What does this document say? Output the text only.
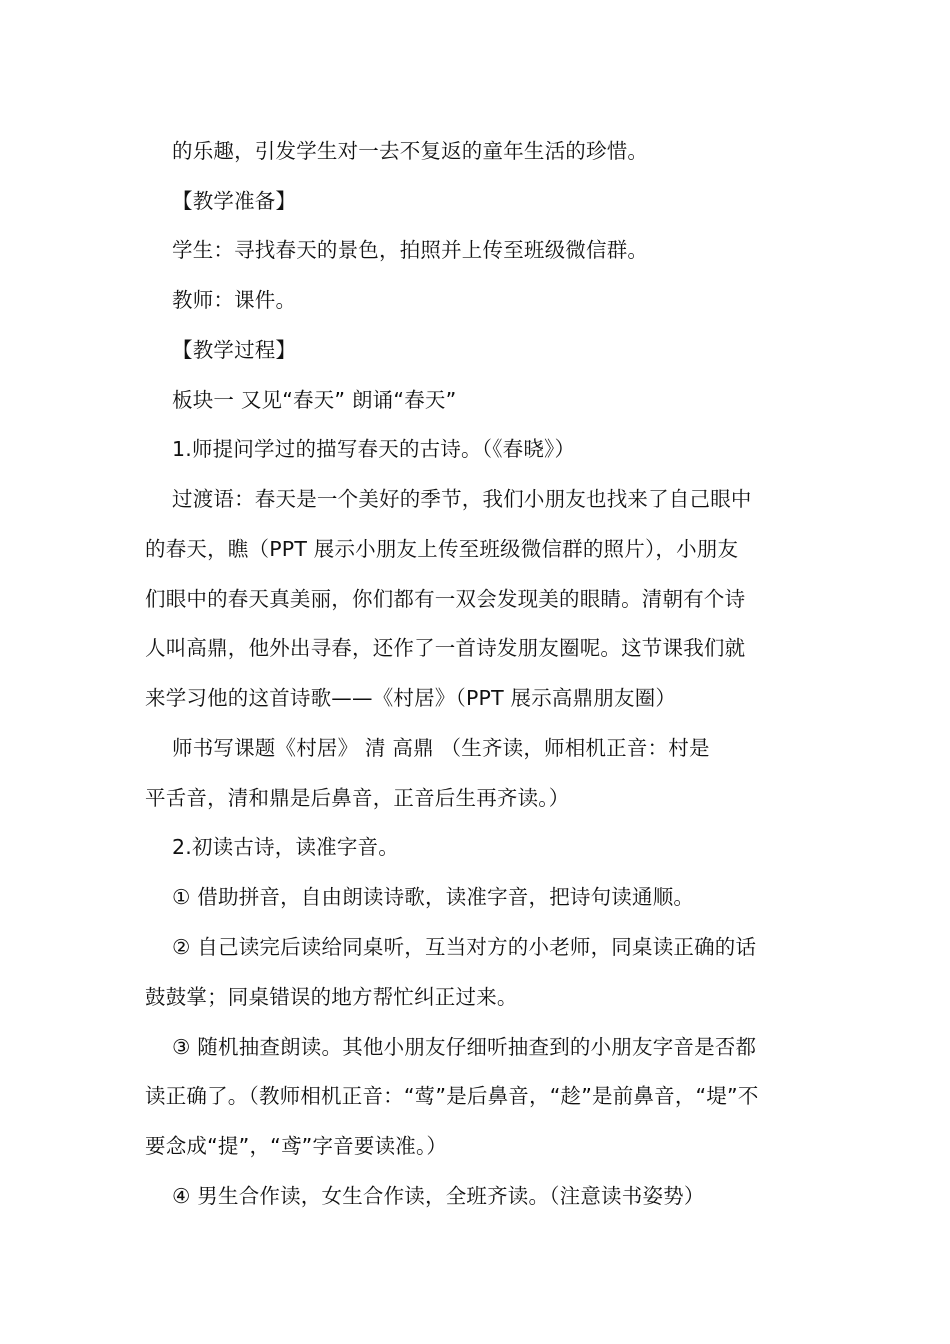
的乐趣，引发学生对一去不复返的童年生活的珍惜。
【教学准备】
学生：寻找春天的景色，拍照并上传至班级微信群。
教师：课件。
【教学过程】
板块一 又见“春天” 朗诵“春天”
1.师提问学过的描写春天的古诗。（《春晓》）
过渡语：春天是一个美好的季节，我们小朋友也找来了自己眼中
的春天，瞧（PPT 展示小朋友上传至班级微信群的照片），小朋友
们眼中的春天真美丽，你们都有一双会发现美的眼睛。清朝有个诗
人叫高鼎，他外出寻春，还作了一首诗发朋友圈呢。这节课我们就
来学习他的这首诗歌——《村居》（PPT 展示高鼎朋友圈）
师书写课题《村居》 清 高鼎 （生齐读，师相机正音：村是
平舌音，清和鼎是后鼻音，正音后生再齐读。）
2.初读古诗，读准字音。
① 借助拼音，自由朗读诗歌，读准字音，把诗句读通顺。
② 自己读完后读给同桌听，互当对方的小老师，同桌读正确的话
鼓鼓掌；同桌错误的地方帮忙纠正过来。
③ 随机抽查朗读。其他小朋友仔细听抽查到的小朋友字音是否都
读正确了。（教师相机正音：“莺”是后鼻音，“趁”是前鼻音，“堤”不
要念成“提”，“鸢”字音要读准。）
④ 男生合作读，女生合作读，全班齐读。（注意读书姿势）
